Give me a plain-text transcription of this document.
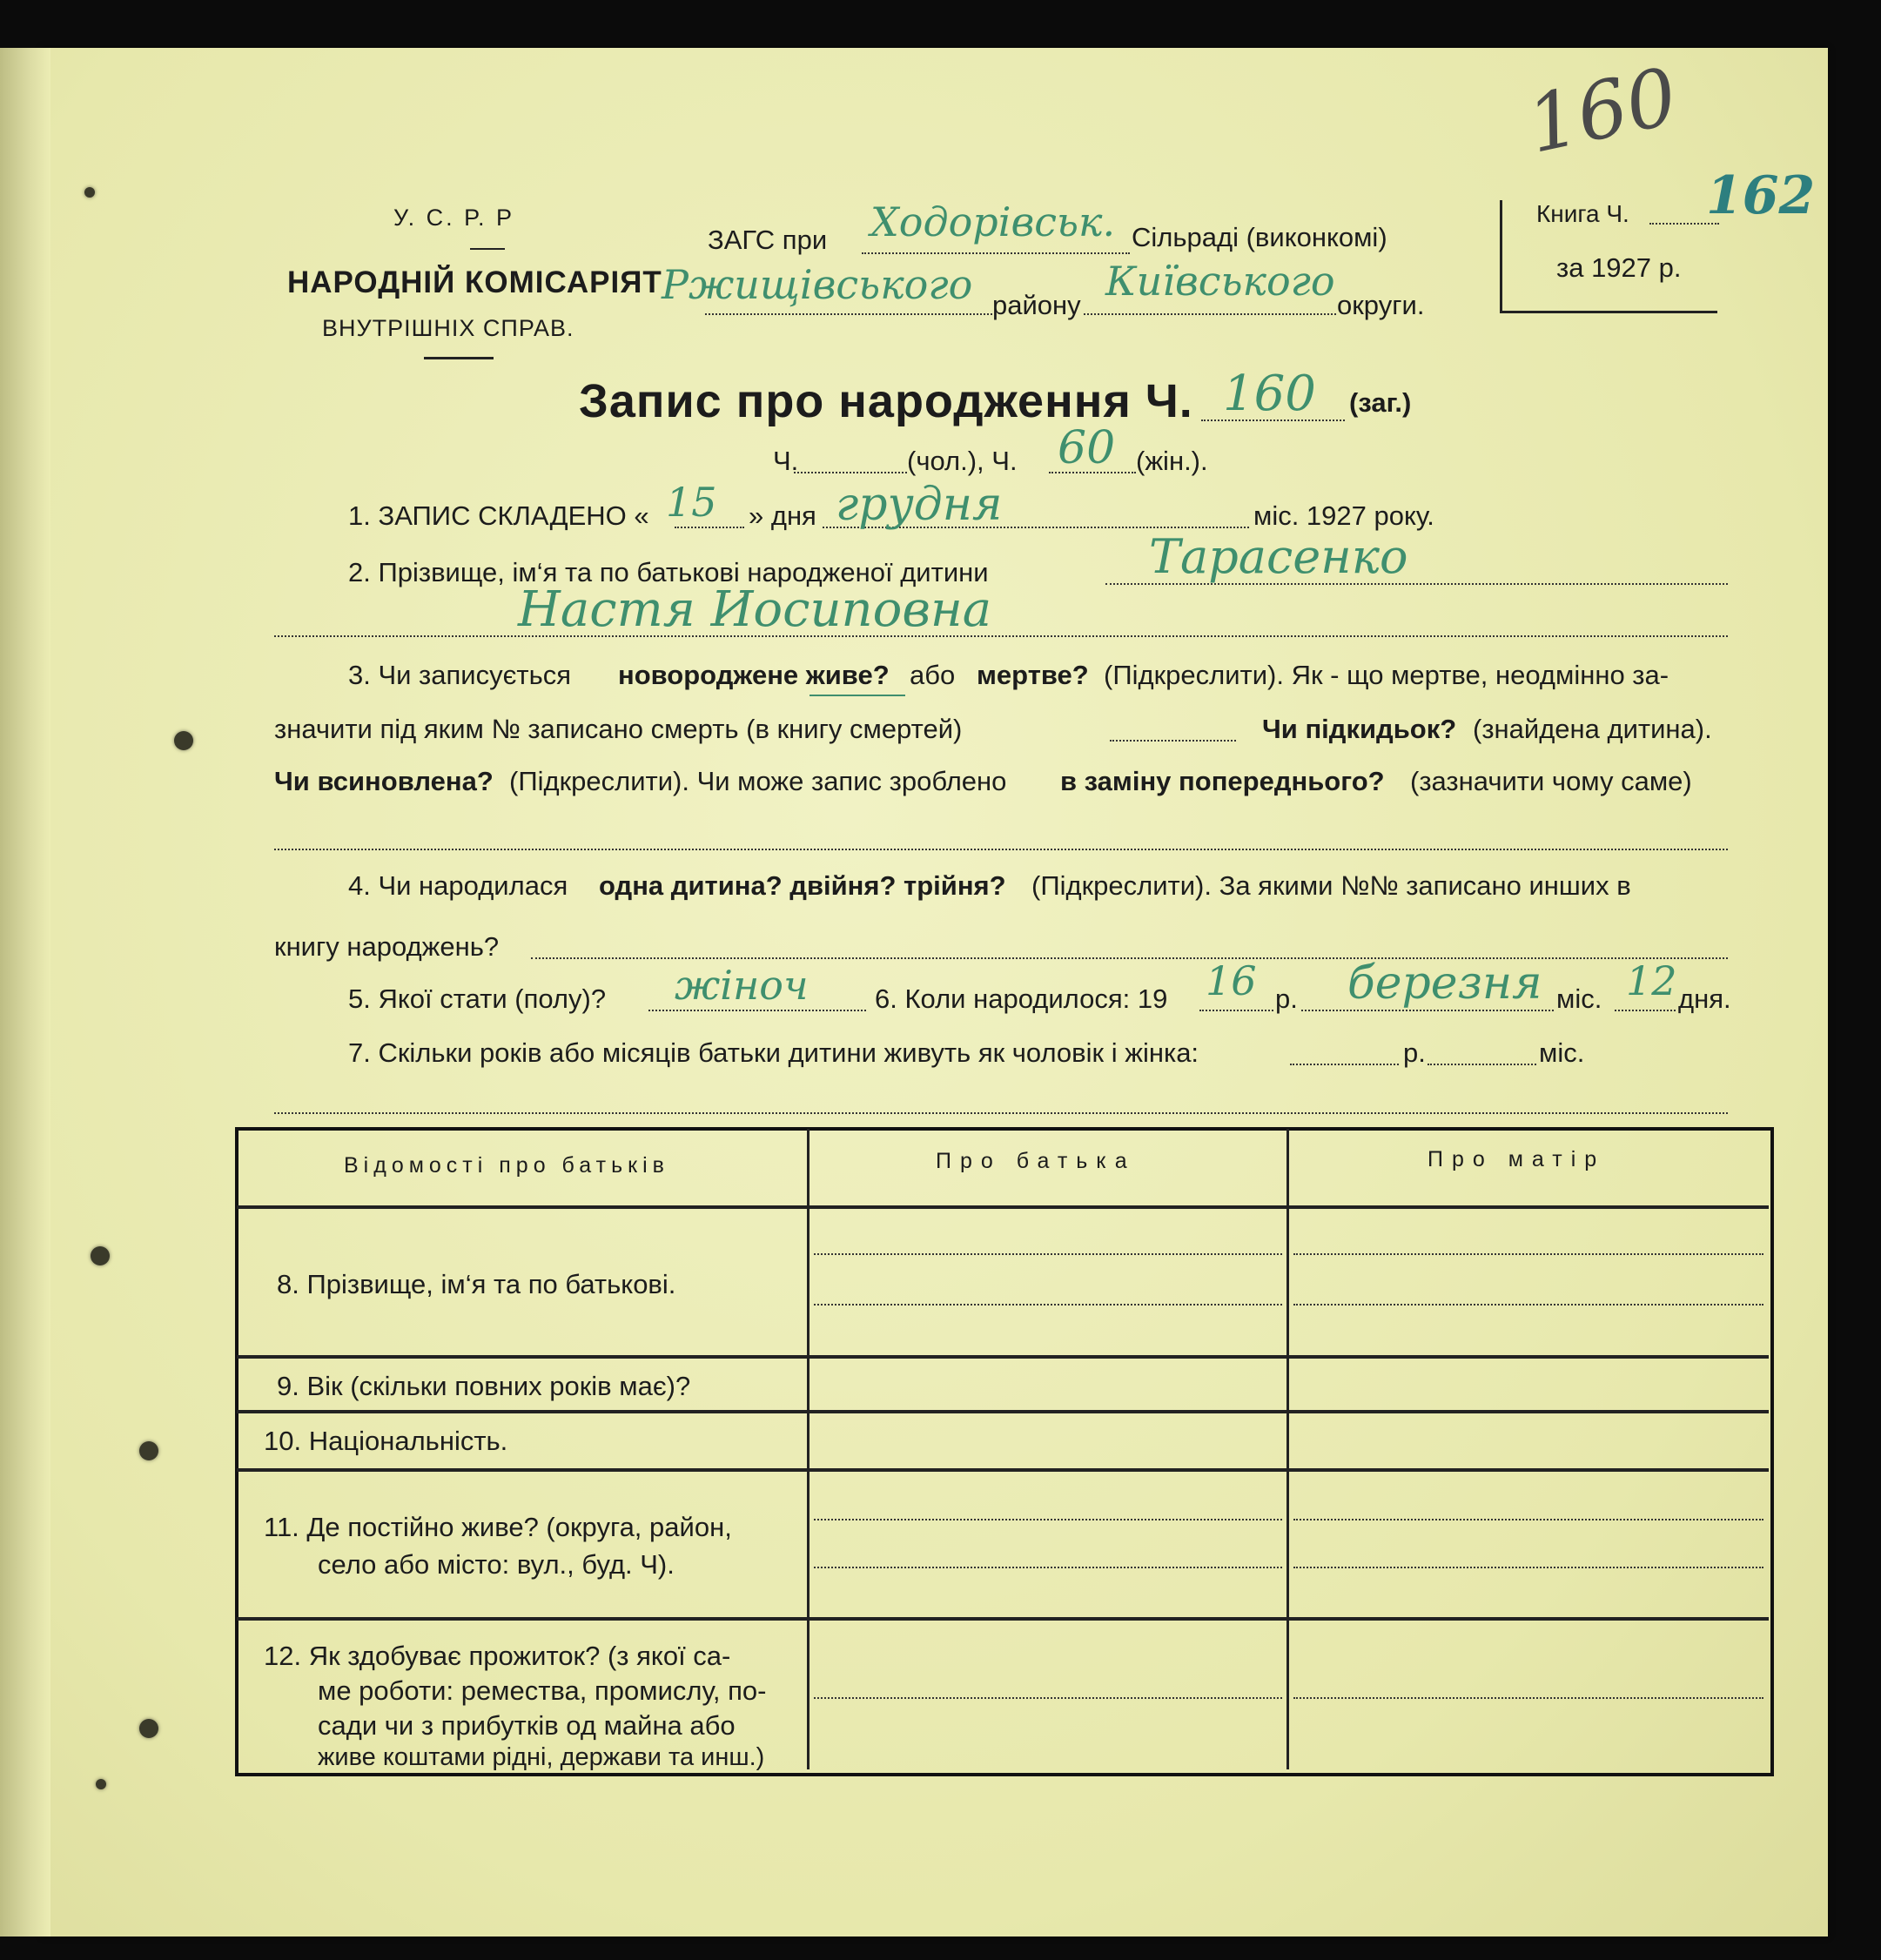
У. С. Р. Р
НАРОДНІЙ КОМІСАРІЯТ
ВНУТРІШНІХ СПРАВ.
ЗАГС при Ходорівськ. Сільраді (виконкомі)
Ржищівського району
Київського
округи.
Книга Ч. 162
за 1927 р.
160
Запис про народження Ч. 160 (заг.)
Ч.	(чол.), Ч. 60 (жін.).
1. ЗАПИС СКЛАДЕНО « 15 » дня грудня	міс. 1927 року.
2. Прізвище, ім‘я та по батькові народженої дитини	Тарасенко
Настя Иосиповна
3. Чи записується новороджене живе? або мертве? (Підкреслити). Як - що мертве, неодмінно за-
значити під яким № записано смерть (в книгу смертей)	Чи підкидьок? (знайдена дитина).
Чи всиновлена? (Підкреслити). Чи може запис зроблено в заміну попереднього? (зазначити чому саме)
4. Чи народилася одна дитина? двійня? трійня? (Підкреслити). За якими №№ записано инших в
книгу народжень?
5. Якої стати (полу)? жіноч 6. Коли народилося: 19 16 р. березня міс. 12 дня.
7. Скільки років або місяців батьки дитини живуть як чоловік і жінка:	р.	міс.
Відомості про батьків	Про батька	Про матір
8. Прізвище, ім‘я та по батькові.
9. Вік (скільки повних років має)?
10. Національність.
11. Де постійно живе? (округа, район,
село або місто: вул., буд. Ч).
12. Як здобуває прожиток? (з якої са-
ме роботи: ремества, промислу, по-
сади чи з прибутків од майна або
живе коштами рідні, держави та инш.)
